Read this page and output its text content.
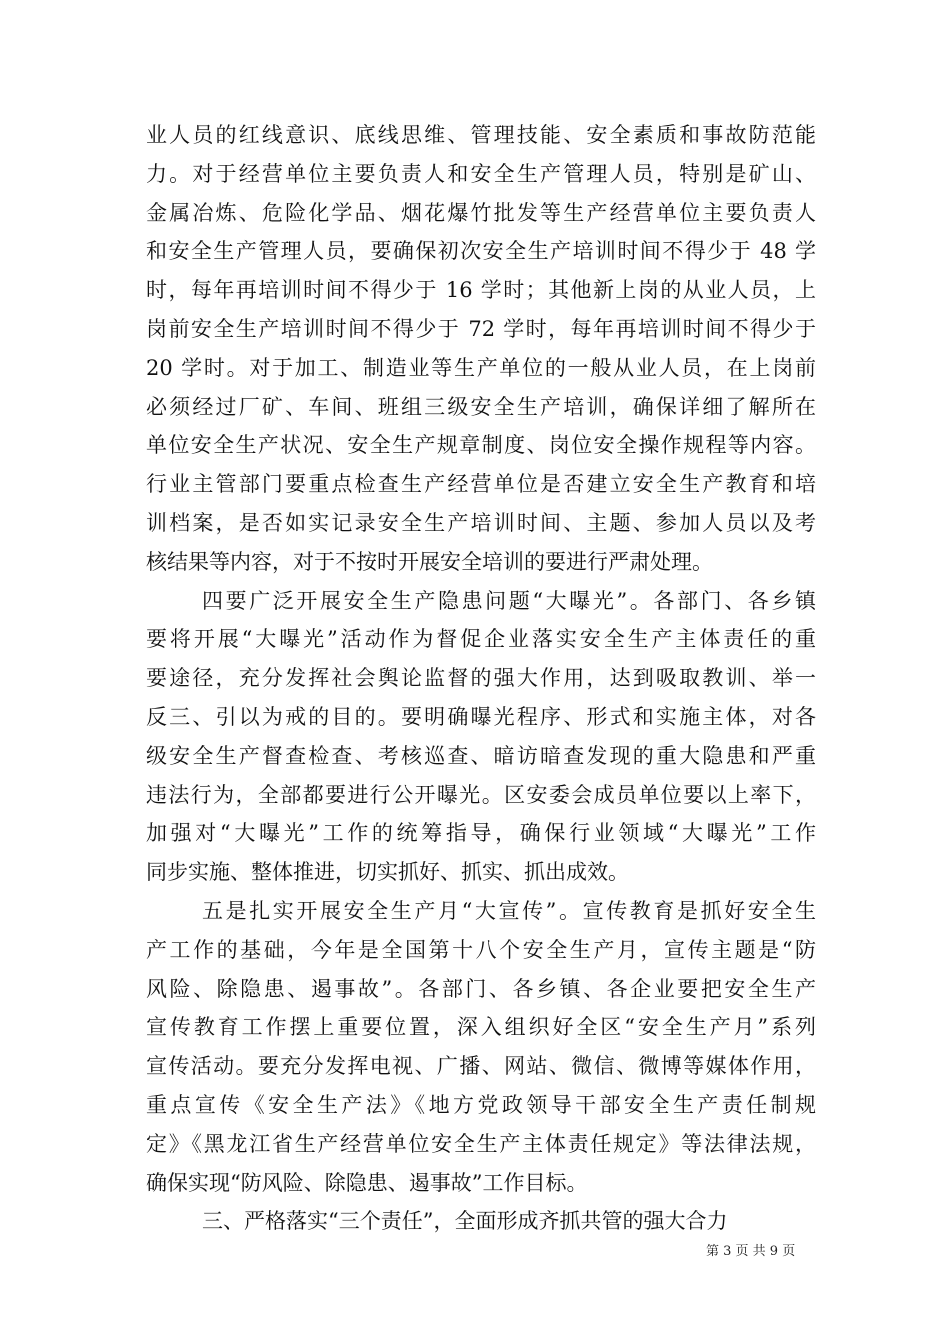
业人员的红线意识、底线思维、管理技能、安全素质和事故防范能
力。对于经营单位主要负责人和安全生产管理人员，特别是矿山、
金属冶炼、危险化学品、烟花爆竹批发等生产经营单位主要负责人
和安全生产管理人员，要确保初次安全生产培训时间不得少于 48 学
时，每年再培训时间不得少于 16 学时；其他新上岗的从业人员，上
岗前安全生产培训时间不得少于 72 学时，每年再培训时间不得少于
20 学时。对于加工、制造业等生产单位的一般从业人员，在上岗前
必须经过厂矿、车间、班组三级安全生产培训，确保详细了解所在
单位安全生产状况、安全生产规章制度、岗位安全操作规程等内容。
行业主管部门要重点检查生产经营单位是否建立安全生产教育和培
训档案，是否如实记录安全生产培训时间、主题、参加人员以及考
核结果等内容，对于不按时开展安全培训的要进行严肃处理。
四要广泛开展安全生产隐患问题“大曝光”。各部门、各乡镇
要将开展“大曝光”活动作为督促企业落实安全生产主体责任的重
要途径，充分发挥社会舆论监督的强大作用，达到吸取教训、举一
反三、引以为戒的目的。要明确曝光程序、形式和实施主体，对各
级安全生产督查检查、考核巡查、暗访暗查发现的重大隐患和严重
违法行为，全部都要进行公开曝光。区安委会成员单位要以上率下，
加强对“大曝光”工作的统筹指导，确保行业领域“大曝光”工作
同步实施、整体推进，切实抓好、抓实、抓出成效。
五是扎实开展安全生产月“大宣传”。宣传教育是抓好安全生
产工作的基础，今年是全国第十八个安全生产月，宣传主题是“防
风险、除隐患、遏事故”。各部门、各乡镇、各企业要把安全生产
宣传教育工作摆上重要位置，深入组织好全区“安全生产月”系列
宣传活动。要充分发挥电视、广播、网站、微信、微博等媒体作用，
重点宣传《安全生产法》《地方党政领导干部安全生产责任制规
定》《黑龙江省生产经营单位安全生产主体责任规定》等法律法规，
确保实现“防风险、除隐患、遏事故”工作目标。
三、严格落实“三个责任”，全面形成齐抓共管的强大合力
第 3 页 共 9 页
